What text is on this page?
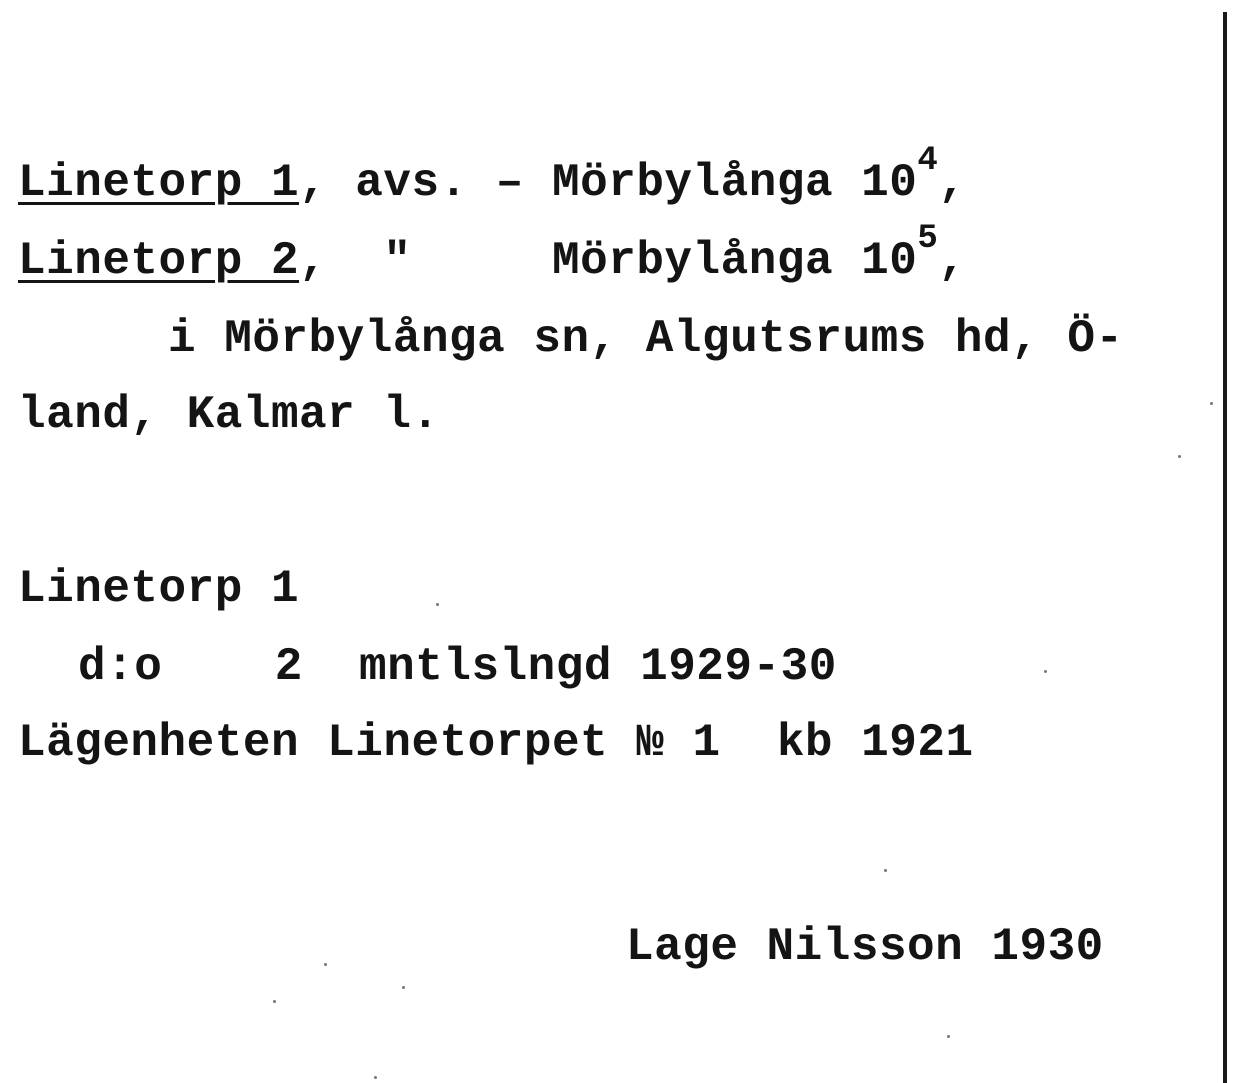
Linetorp 1, avs. – Mörbylånga $10^4$,
Linetorp 2, "	Mörbylånga $10^5$,
i Mörbylånga sn, Algutsrums hd, Ö-
land, Kalmar l.
Linetorp 1
d:o    2  mntlslngd 1929-30
Lägenheten Linetorpet № 1  kb 1921
Lage Nilsson 1930
